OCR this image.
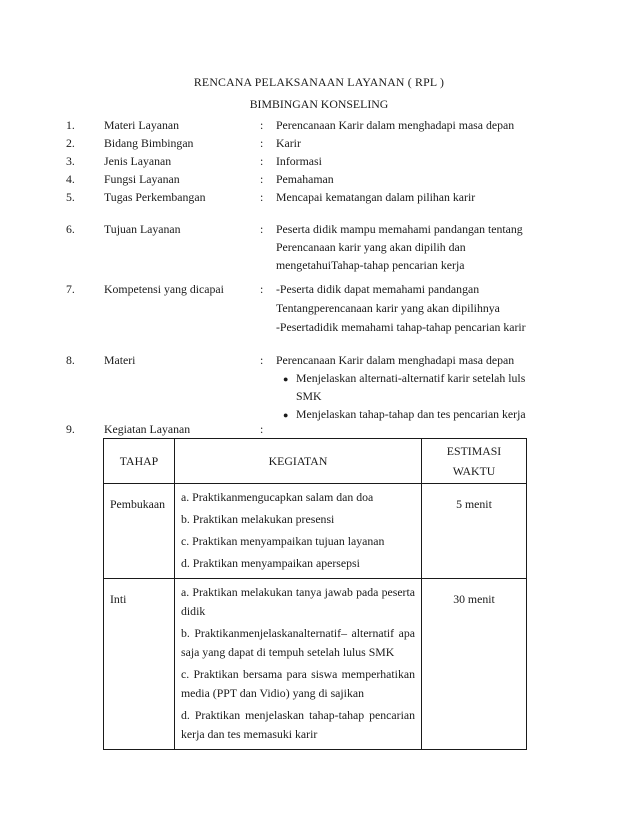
RENCANA PELAKSANAAN LAYANAN ( RPL )
BIMBINGAN KONSELING
1. Materi Layanan	: Perencanaan Karir dalam menghadapi masa depan
2. Bidang Bimbingan	: Karir
3. Jenis Layanan	: Informasi
4. Fungsi Layanan	: Pemahaman
5. Tugas Perkembangan	: Mencapai kematangan dalam pilihan karir
6. Tujuan Layanan	: Peserta didik mampu memahami pandangan tentang
Perencanaan karir yang akan dipilih dan
mengetahuiTahap-tahap pencarian kerja
7. Kompetensi yang dicapai	: -Peserta didik dapat memahami pandangan
Tentangperencanaan karir yang akan dipilihnya
-Pesertadidik memahami tahap-tahap pencarian karir
8. Materi	: Perencanaan Karir dalam menghadapi masa depan
● Menjelaskan alternati-alternatif karir setelah luls
SMK
● Menjelaskan tahap-tahap dan tes pencarian kerja
9. Kegiatan Layanan	:
TAHAP	KEGIATAN	ESTIMASI
WAKTU

Pembukaan	a. Praktikanmengucapkan salam dan doa

b. Praktikan melakukan presensi

c. Praktikan menyampaikan tujuan layanan

d. Praktikan menyampaikan apersepsi	5 menit
Inti	a. Praktikan melakukan tanya jawab pada peserta didik

b. Praktikanmenjelaskanalternatif– alternatif apa saja yang dapat di tempuh setelah lulus SMK

c. Praktikan bersama para siswa memperhatikan media (PPT dan Vidio) yang di sajikan

d. Praktikan menjelaskan tahap-tahap pencarian kerja dan tes memasuki karir	30 menit
